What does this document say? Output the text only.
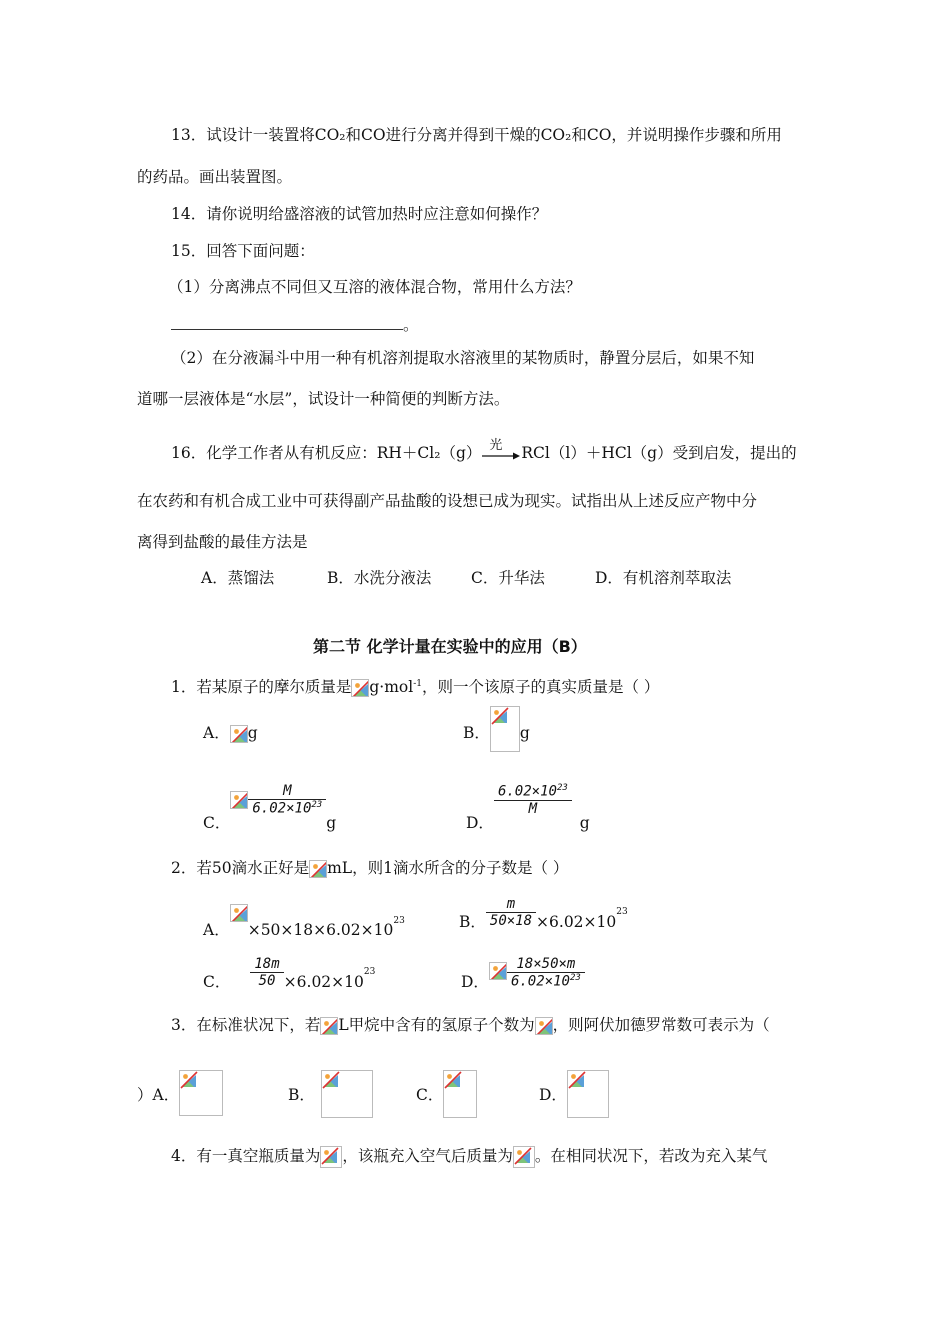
13．试设计一装置将CO₂和CO进行分离并得到干燥的CO₂和CO，并说明操作步骤和所用
的药品。画出装置图。
14．请你说明给盛溶液的试管加热时应注意如何操作？
15．回答下面问题：
（1）分离沸点不同但又互溶的液体混合物，常用什么方法？
。
（2）在分液漏斗中用一种有机溶剂提取水溶液里的某物质时，静置分层后，如果不知
道哪一层液体是“水层”，试设计一种简便的判断方法。
16．化学工作者从有机反应：RH＋Cl₂（g） 光 RCl（l）＋HCl（g）受到启发，提出的
在农药和有机合成工业中可获得副产品盐酸的设想已成为现实。试指出从上述反应产物中分
离得到盐酸的最佳方法是
A．蒸馏法	B．水洗分液法	C．升华法	D．有机溶剂萃取法
第二节 化学计量在实验中的应用（B）
1．若某原子的摩尔质量是 g·mol$^{-1}$，则一个该原子的真实质量是（ ）
A． g	B． g
C．
$\frac{M}{6.02\times 10^{23}}$
g	D．
$\frac{6.02\times 10^{23}}{M}$
g
2．若50滴水正好是 mL，则1滴水所含的分子数是（ ）
A． $\times 50\times 18\times 6.02\times 10^{23}$	B． $\frac{m}{50\times 18} \times 6.02\times 10^{23}$
C． $\frac{18m}{50} \times 6.02\times 10^{23}$
D． $\frac{18\times 50\times m}{6.02\times 10^{23}}$
3．在标准状况下，若 L甲烷中含有的氢原子个数为 ，则阿伏加德罗常数可表示为（
）A．	B．	C．	D．
4．有一真空瓶质量为 ，该瓶充入空气后质量为 。在相同状况下，若改为充入某气
